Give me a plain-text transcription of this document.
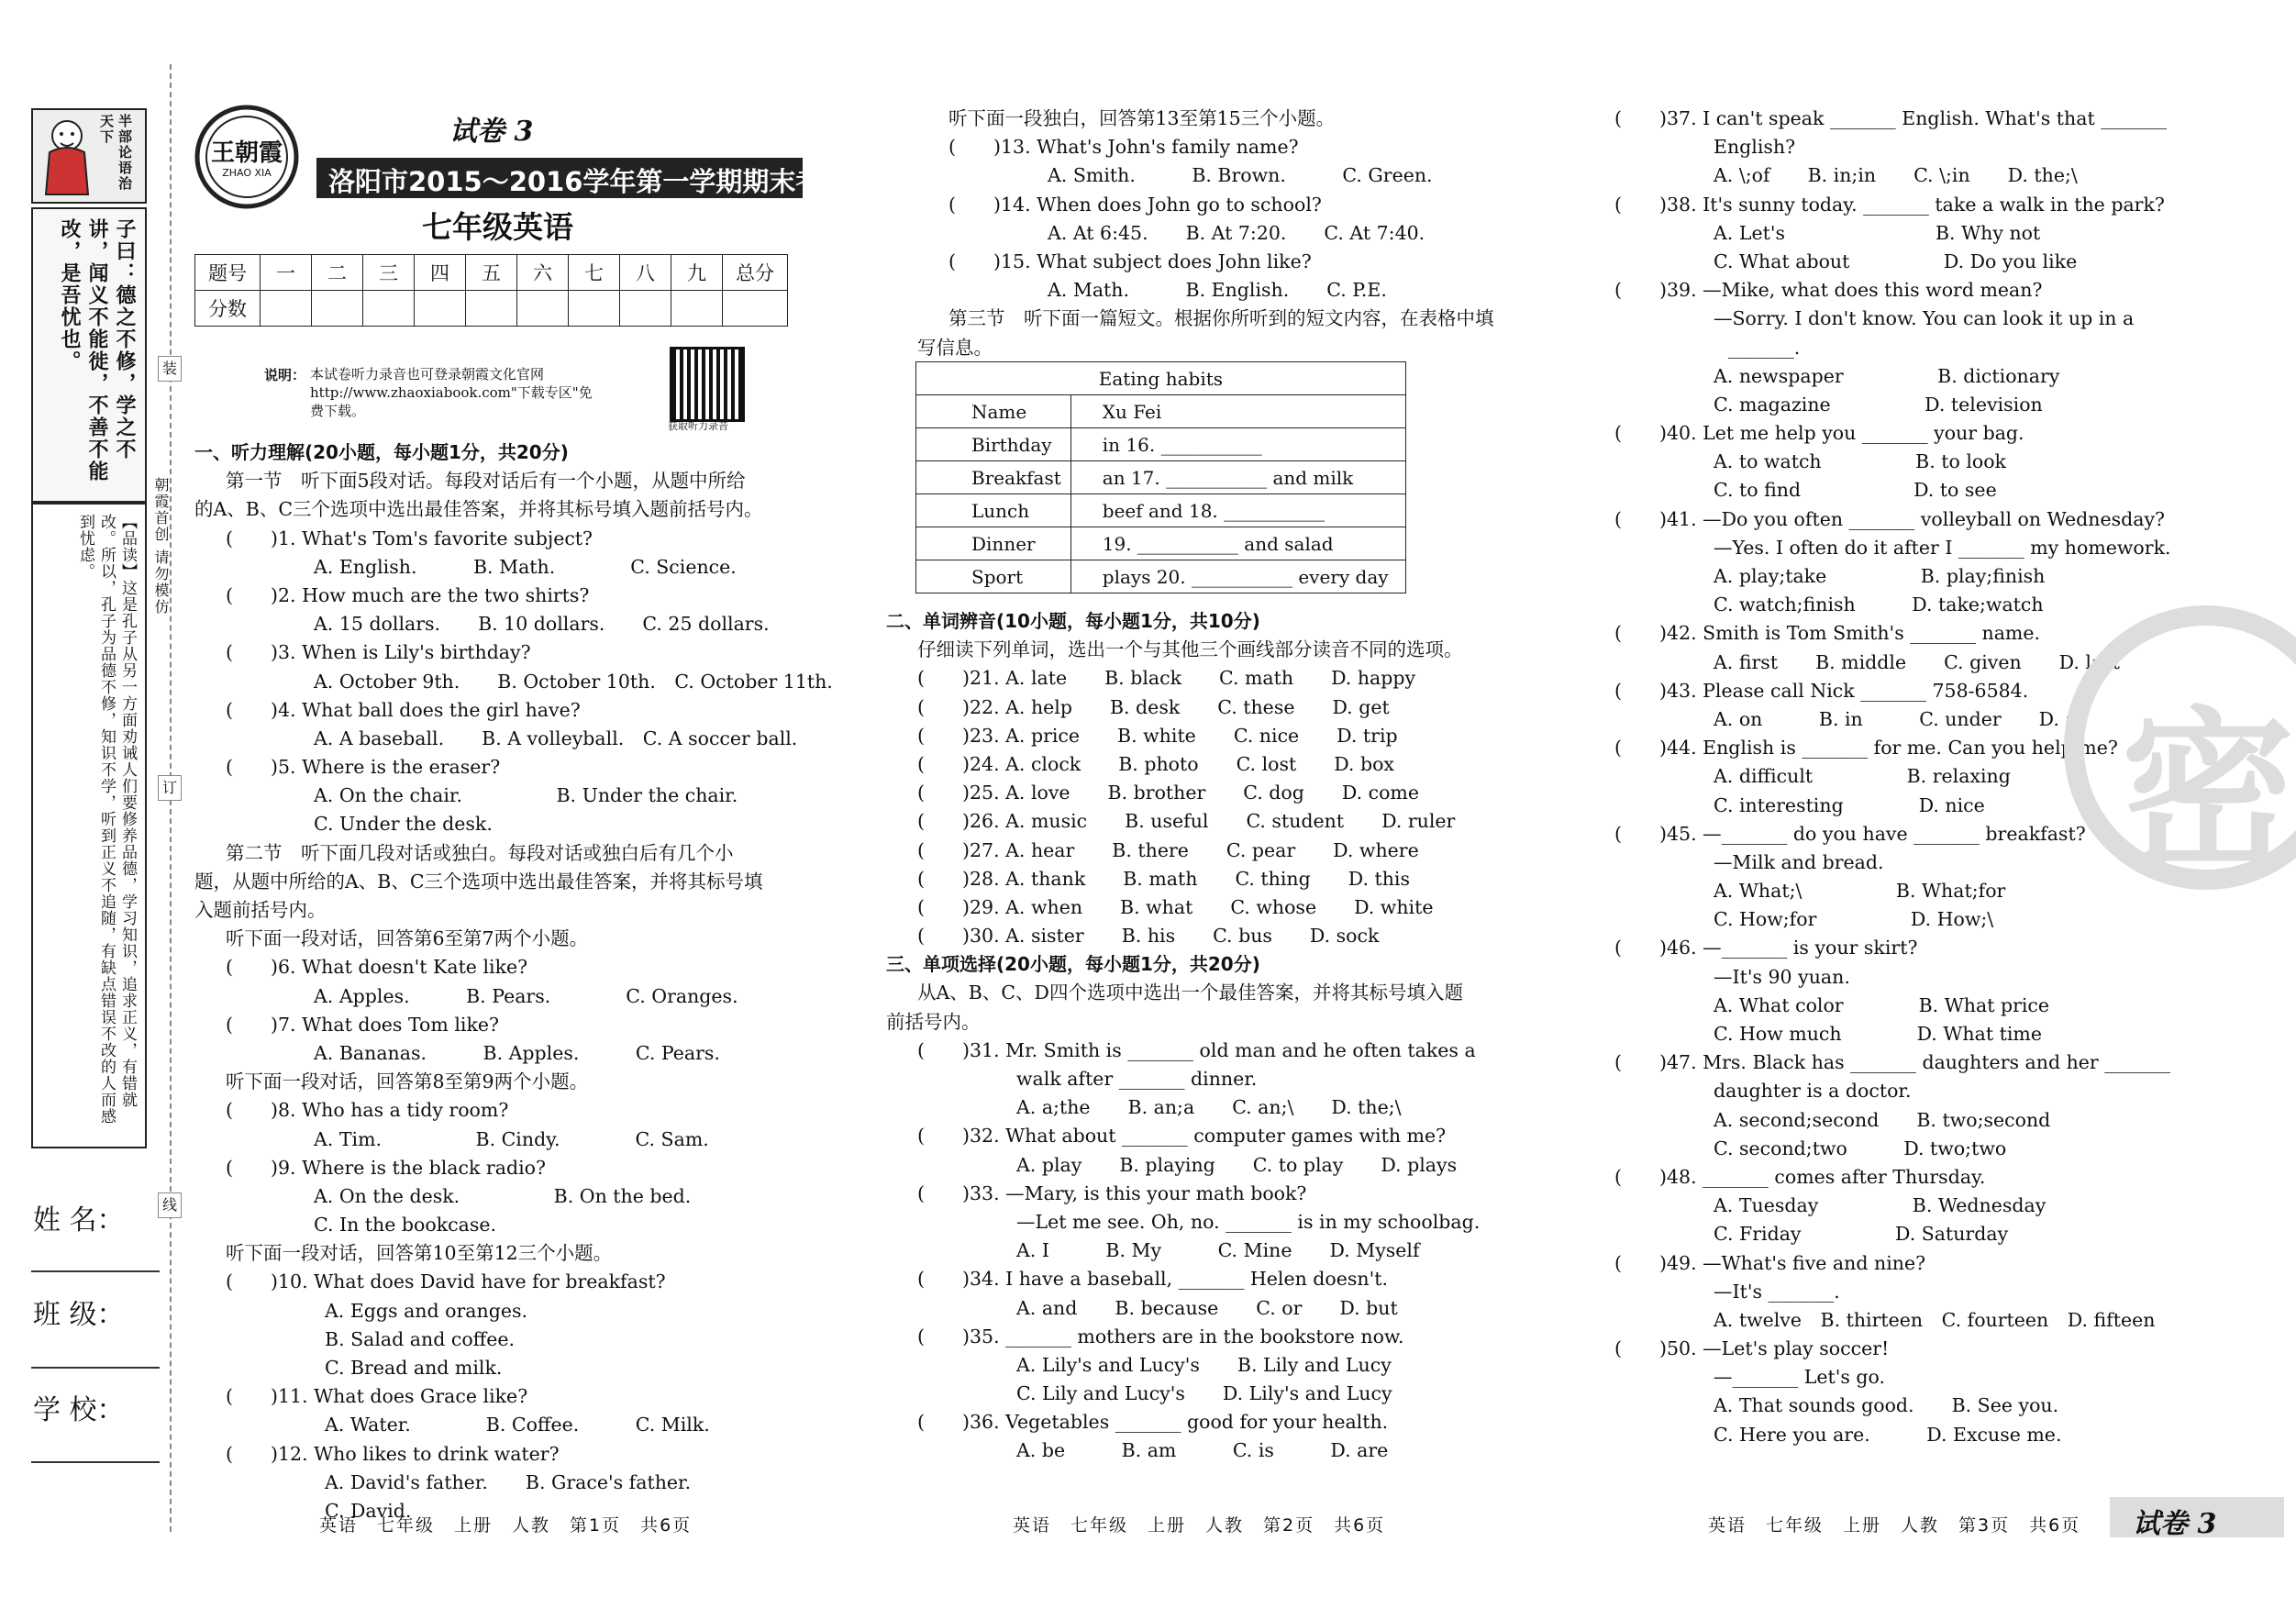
半部论语治天下
子曰：德之不修，学之不讲，闻义不能徙，不善不能改，是吾忧也。
【品读】这是孔子从另一方面劝诫人们要修养品德，学习知识，追求正义，有错就改。所以，孔子为品德不修，知识不学，听到正义不追随，有缺点错误不改的人而感到忧虑。	朝霞首创 请勿模仿
姓 名：
班 级：
学 校：
装
订
线
王朝霞
ZHAO XIA
试卷 3
洛阳市2015～2016学年第一学期期末考试试卷
七年级英语
题号	一	二	三	四	五	六	七	八	九	总分
分数										
说明： 本试卷听力录音也可登录朝霞文化官网
http://www.zhaoxiabook.com"下载专区"免
费下载。
获取听力录音
一、听力理解(20小题，每小题1分，共20分)
第一节　听下面5段对话。每段对话后有一个小题，从题中所给
的A、B、C三个选项中选出最佳答案，并将其标号填入题前括号内。
(　　)1. What's Tom's favorite subject?
A. English.　　　B. Math.　　　　C. Science.
(　　)2. How much are the two shirts?
A. 15 dollars.　　B. 10 dollars.　　C. 25 dollars.
(　　)3. When is Lily's birthday?
A. October 9th.　　B. October 10th.　C. October 11th.
(　　)4. What ball does the girl have?
A. A baseball.　　B. A volleyball.　C. A soccer ball.
(　　)5. Where is the eraser?
A. On the chair.　　　　　B. Under the chair.
C. Under the desk.
第二节　听下面几段对话或独白。每段对话或独白后有几个小
题，从题中所给的A、B、C三个选项中选出最佳答案，并将其标号填
入题前括号内。
听下面一段对话，回答第6至第7两个小题。
(　　)6. What doesn't Kate like?
A. Apples.　　　B. Pears.　　　　C. Oranges.
(　　)7. What does Tom like?
A. Bananas.　　　B. Apples.　　　C. Pears.
听下面一段对话，回答第8至第9两个小题。
(　　)8. Who has a tidy room?
A. Tim.　　　　　B. Cindy.　　　　C. Sam.
(　　)9. Where is the black radio?
A. On the desk.　　　　　B. On the bed.
C. In the bookcase.
听下面一段对话，回答第10至第12三个小题。
(　　)10. What does David have for breakfast?
A. Eggs and oranges.
B. Salad and coffee.
C. Bread and milk.
(　　)11. What does Grace like?
A. Water.　　　　B. Coffee.　　　C. Milk.
(　　)12. Who likes to drink water?
A. David's father.　　B. Grace's father.
C. David.
听下面一段独白，回答第13至第15三个小题。
(　　)13. What's John's family name?
A. Smith.　　　B. Brown.　　　C. Green.
(　　)14. When does John go to school?
A. At 6:45.　　B. At 7:20.　　C. At 7:40.
(　　)15. What subject does John like?
A. Math.　　　B. English.　　C. P.E.
第三节　听下面一篇短文。根据你所听到的短文内容，在表格中填
写信息。
Eating habits	
Name	Xu Fei
Birthday	in 16. ___________
Breakfast	an 17. ___________ and milk
Lunch	beef and 18. ___________
Dinner	19. ___________ and salad
Sport	plays 20. ___________ every day
二、单词辨音(10小题，每小题1分，共10分)
仔细读下列单词，选出一个与其他三个画线部分读音不同的选项。
(　　)21. A. late　　B. black　　C. math　　D. happy
(　　)22. A. help　　B. desk　　C. these　　D. get
(　　)23. A. price　　B. white　　C. nice　　D. trip
(　　)24. A. clock　　B. photo　　C. lost　　D. box
(　　)25. A. love　　B. brother　　C. dog　　D. come
(　　)26. A. music　　B. useful　　C. student　　D. ruler
(　　)27. A. hear　　B. there　　C. pear　　D. where
(　　)28. A. thank　　B. math　　C. thing　　D. this
(　　)29. A. when　　B. what　　C. whose　　D. white
(　　)30. A. sister　　B. his　　C. bus　　D. sock
三、单项选择(20小题，每小题1分，共20分)
从A、B、C、D四个选项中选出一个最佳答案，并将其标号填入题
前括号内。
(　　)31. Mr. Smith is _______ old man and he often takes a
walk after _______ dinner.
A. a;the　　B. an;a　　C. an;\　　D. the;\
(　　)32. What about _______ computer games with me?
A. play　　B. playing　　C. to play　　D. plays
(　　)33. —Mary, is this your math book?
—Let me see. Oh, no. _______ is in my schoolbag.
A. I　　　B. My　　　C. Mine　　D. Myself
(　　)34. I have a baseball, _______ Helen doesn't.
A. and　　B. because　　C. or　　D. but
(　　)35. _______ mothers are in the bookstore now.
A. Lily's and Lucy's　　B. Lily and Lucy
C. Lily and Lucy's　　D. Lily's and Lucy
(　　)36. Vegetables _______ good for your health.
A. be　　　B. am　　　C. is　　　D. are
(　　)37. I can't speak _______ English. What's that _______
English?
A. \;of　　B. in;in　　C. \;in　　D. the;\
(　　)38. It's sunny today. _______ take a walk in the park?
A. Let's　　　　　　　　B. Why not
C. What about　　　　　D. Do you like
(　　)39. —Mike, what does this word mean?
—Sorry. I don't know. You can look it up in a
_______.
A. newspaper　　　　　B. dictionary
C. magazine　　　　　D. television
(　　)40. Let me help you _______ your bag.
A. to watch　　　　　B. to look
C. to find　　　　　　D. to see
(　　)41. —Do you often _______ volleyball on Wednesday?
—Yes. I often do it after I _______ my homework.
A. play;take　　　　　B. play;finish
C. watch;finish　　　D. take;watch
(　　)42. Smith is Tom Smith's _______ name.
A. first　　B. middle　　C. given　　D. last
(　　)43. Please call Nick _______ 758-6584.
A. on　　　B. in　　　C. under　　D. at
(　　)44. English is _______ for me. Can you help me?
A. difficult　　　　　B. relaxing
C. interesting　　　　D. nice
(　　)45. —_______ do you have _______ breakfast?
—Milk and bread.
A. What;\　　　　　B. What;for
C. How;for　　　　　D. How;\
(　　)46. —_______ is your skirt?
—It's 90 yuan.
A. What color　　　　B. What price
C. How much　　　　D. What time
(　　)47. Mrs. Black has _______ daughters and her _______
daughter is a doctor.
A. second;second　　B. two;second
C. second;two　　　D. two;two
(　　)48. _______ comes after Thursday.
A. Tuesday　　　　　B. Wednesday
C. Friday　　　　　D. Saturday
(　　)49. —What's five and nine?
—It's _______.
A. twelve　B. thirteen　C. fourteen　D. fifteen
(　　)50. —Let's play soccer!
—_______ Let's go.
A. That sounds good.　　B. See you.
C. Here you are.　　　D. Excuse me.
密
英语　七年级　上册　人教　第1页　共6页	英语　七年级　上册　人教　第2页　共6页	英语　七年级　上册　人教　第3页　共6页 试卷 3
